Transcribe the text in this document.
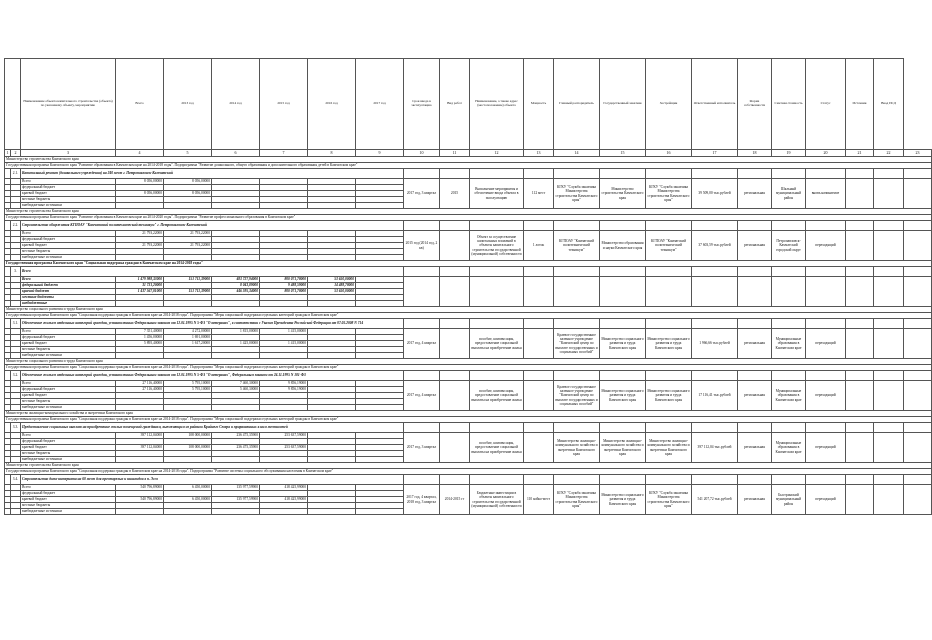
		Наименование объекта капитального строительства (объекта) по указанному объекту, мероприятию	Всего	2013 год	2014 год	2015 год	2016 год	2017 год	Срок ввода в эксплуатацию	Вид работ	Наименование, а также адрес (местоположение) объекта	Мощность	Главный распорядитель	Государственный заказчик	Застройщик	Ответственный исполнитель	Форма собственности	Сметная стоимость	Статус	Источник	Ввод ПСД	
1	2	3	4	5	6	7	8	9	10	11	12	13	14	15	16	17	18	19	20	21	22	23
Министерство строительства Камчатского края																						
Государственная программа Камчатского края "Развитие образования в Камчатском крае на 2014-2018 годы". Подпрограмма "Развитие дошкольного, общего образования и дополнительного образования детей в Камчатском крае"																						
	2.1.	Капитальный ремонт (дошкольного учреждения) на 240 мест г. Петропавловск-Камчатский																				
		Всего	8 056,00000	8 056,00000					2017 год, 3 квартал	2015	Выполнение мероприятия и обеспечение ввода объекта в эксплуатацию	112 мест	КГКУ "Служба заказчика Министерства строительства Камчатского края"	Министерство строительства Камчатского края	КГКУ "Служба заказчика Министерства строительства Камчатского края"	39 509,00 тыс.рублей	региональная	Шкльный муниципальный район	вновь начинаемое			
		федеральный бюджет																				
		краевой бюджет	8 056,00000	8 056,00000																		
		местные бюджеты																				
		внебюджетные источники																				
Министерство строительства Камчатского края																						
Государственная программа Камчатского края "Развитие образования в Камчатском крае на 2014-2020 годы". Подпрограмма "Развитие профессионального образования в Камчатском крае"																						
	2.2.	Строительство общежития КГПОАУ "Камчатский политехнический техникум" г. Петропавловск-Камчатский																				
		Всего	21 793,22000	21 793,22000					2015 год (2014 год, 2 кв)		Объект за осуществление капитальных вложений в объекты капитального строительства государственной (муниципальной) собственности	1 лоток	КГПОАУ "Камчатский политехнический техникум"	Министерство образования и науки Камчатского края	КГПОАУ "Камчатский политехнический техникум"	37 603,59 тыс.рублей	региональная	Петропавловск-Камчатский городской округ	переходящий			
		федеральный бюджет																				
		краевой бюджет	21 793,22000	21 793,22000																		
		местные бюджеты																				
		внебюджетные источники																				
Государственная программа Камчатского края "Социальная поддержка граждан в Камчатском крае на 2014-2018 годы"																						
	3.	Всего																				
		Всего	1 479 988,33000	151 711,39000	483 727,94000	800 071,78000	53 650,00000															
		федеральный бюджет	31 731,20000		8 043,89000	9 488,59000	14 488,78000															
		краевой бюджет	1 437 567,01000	151 711,39000	446 595,34000	800 071,78000	53 650,00000															
		местные бюджеты																				
		внебюджетные																				
Министерство социального развития и труда Камчатского края																						
Государственная программа Камчатского края "Социальная поддержка граждан в Камчатском крае на 2014-2018 годы". Подпрограмма "Меры социальной поддержки отдельных категорий граждан в Камчатском крае"																						
	3.1.	Обеспечение жильем отдельных категорий граждан, установленных Федеральным законом от 12.01.1995 N 5-ФЗ "О ветеранах", в соответствии с Указом Президента Российской Федерации от 07.05.2008 N 714																				
		Всего	7 351,40000	4 272,00000	1 815,00000	1 415,00000			2017 год, 4 квартал		пособие, компенсация, предоставление социальной выплаты на приобретение жилья		Краевое государственное казенное учреждение "Камчатский центр по выплате государственных и социальных пособий"	Министерство социального развития и труда Камчатского края	Министерство социального развития и труда Камчатского края	1 966,66 тыс.рублей	региональная	Муниципальные образования в Камчатском крае	переходящий			
		федеральный бюджет	1 456,00000	1 691,00000																		
		краевой бюджет	5 895,40000	1 617,20000	1 425,00000	1 415,00000																
		местные бюджеты																				
		внебюджетные источники																				
Министерство социального развития и труда Камчатского края																						
Государственная программа Камчатского края "Социальная поддержка граждан в Камчатском крае на 2014-2018 годы". Подпрограмма "Меры социальной поддержки отдельных категорий граждан в Камчатском крае"																						
	3.2.	Обеспечение жильем отдельных категорий граждан, установленных Федеральным законом от 12.01.1995 N 5-ФЗ "О ветеранах", Федеральным законом от 24.11.1995 N 181-ФЗ																				
		Всего	27 116,40000	5 795,10000	7 460,30000	9 856,19000			2017 год, 4 квартал		пособие, компенсация, предоставление социальной выплаты на приобретение жилья		Краевое государственное казенное учреждение "Камчатский центр по выплате государственных и социальных пособий"	Министерство социального развития и труда Камчатского края	Министерство социального развития и труда Камчатского края	17 116,41 тыс.рублей	региональная	Муниципальные образования в Камчатском крае	переходящий			
		федеральный бюджет	27 116,40000	5 795,10000	5 460,30000	9 856,19000																
		краевой бюджет																				
		местные бюджеты																				
		внебюджетные источники																				
Министерство жилищно-коммунального хозяйства и энергетики Камчатского края																						
Государственная программа Камчатского края "Социальная поддержка граждан в Камчатском крае на 2014-2018 годы". Подпрограмма "Меры социальной поддержки отдельных категорий граждан в Камчатском крае"																						
	3.3.	Предоставление социальных выплат на приобретение жилых помещений гражданам, выезжающим из районов Крайнего Севера и приравненных к ним местностей																				
		Всего	397 112,04000	108 000,00000	236 475,35900	253 637,59000			2017 год, 3 квартал		пособие, компенсация, предоставление социальной выплаты на приобретение жилья		Министерство жилищно-коммунального хозяйства и энергетики Камчатского края	Министерство жилищно-коммунального хозяйства и энергетики Камчатского края	Министерство жилищно-коммунального хозяйства и энергетики Камчатского края	397 112,04 тыс.рублей	региональная	Муниципальные образования в Камчатском крае	переходящий			
		федеральный бюджет																				
		краевой бюджет	397 112,04000	108 000,00000	236 475,35900	253 637,59000																
		местные бюджеты																				
		внебюджетные источники																				
Министерство строительства Камчатского края																						
Государственная программа Камчатского края "Социальная поддержка граждан в Камчатском крае на 2014-2018 годы". Подпрограмма "Развитие системы социального обслуживания населения в Камчатском крае"																						
	3.4.	Строительство дома-интерната на 60 мест для престарелых и инвалидов в п. Эссо																				
		Всего	540 796,89000	6 450,00000	135 977,59900	418 425,99000			2017 год, 4 квартал, 2018 год, 3 квартал	2014-2015 гг	Бюджетные инвестиции в объекты капитального строительства государственной (муниципальной) собственности	110 койко-мест	КГКУ "Служба заказчика Министерства строительства Камчатского края"	Министерство социального развития и труда Камчатского края	КГКУ "Служба заказчика Министерства строительства Камчатского края"	541 207,72 тыс.рублей	региональная	Быстринский муниципальный район	переходящий			
		федеральный бюджет																				
		краевой бюджет	540 796,89000	6 450,00000	135 977,59900	418 425,99000																
		местные бюджеты																				
		внебюджетные источники																				
